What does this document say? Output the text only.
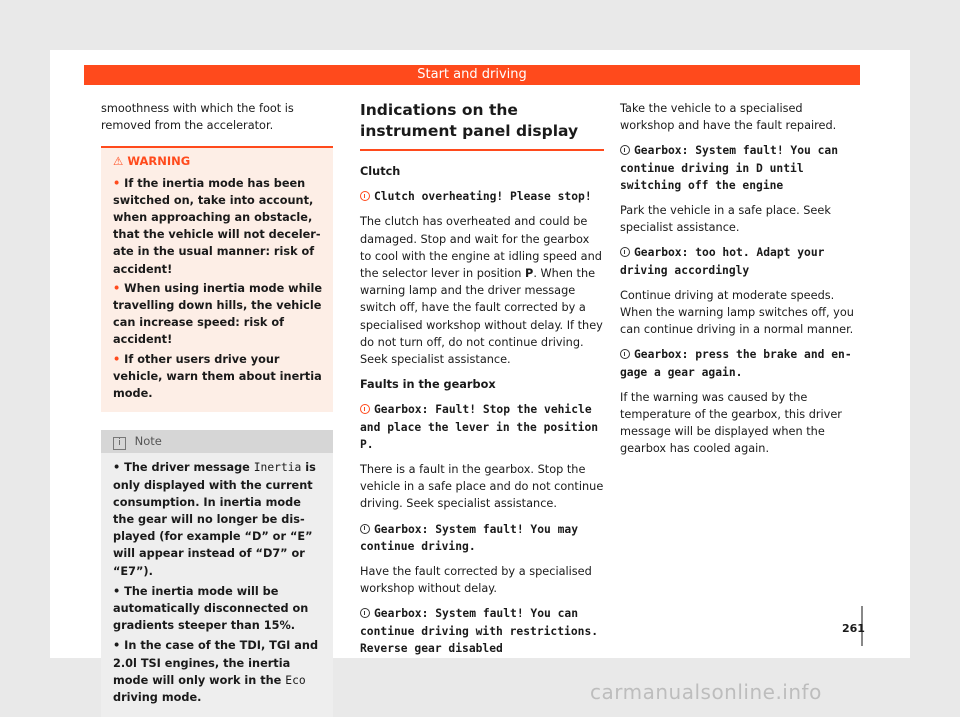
Start and driving

smoothness with which the foot is removed from the accelerator.

⚠ WARNING
• If the inertia mode has been switched on, take into account, when approaching an obstacle, that the vehicle will not decelerate in the usual manner: risk of accident!
• When using inertia mode while travelling down hills, the vehicle can increase speed: risk of accident!
• If other users drive your vehicle, warn them about inertia mode.
i Note
• The driver message Inertia is only displayed with the current consumption. In inertia mode the gear will no longer be displayed (for example “D” or “E” will appear instead of “D7” or “E7”).
• The inertia mode will be automatically disconnected on gradients steeper than 15%.
• In the case of the TDI, TGI and 2.0l TSI engines, the inertia mode will only work in the Eco driving mode.
Indications on the instrument panel display

Clutch

Clutch overheating! Please stop!

The clutch has overheated and could be damaged. Stop and wait for the gearbox to cool with the engine at idling speed and the selector lever in position P. When the warning lamp and the driver message switch off, have the fault corrected by a specialised workshop without delay. If they do not turn off, do not continue driving. Seek specialist assistance.

Faults in the gearbox

Gearbox: Fault! Stop the vehicle and place the lever in the position P.

There is a fault in the gearbox. Stop the vehicle in a safe place and do not continue driving. Seek specialist assistance.

Gearbox: System fault! You may continue driving.

Have the fault corrected by a specialised workshop without delay.

Gearbox: System fault! You can continue driving with restrictions. Reverse gear disabled

Take the vehicle to a specialised workshop and have the fault repaired.

Gearbox: System fault! You can continue driving in D until switching off the engine

Park the vehicle in a safe place. Seek specialist assistance.

Gearbox: too hot. Adapt your driving accordingly

Continue driving at moderate speeds. When the warning lamp switches off, you can continue driving in a normal manner.

Gearbox: press the brake and engage a gear again.

If the warning was caused by the temperature of the gearbox, this driver message will be displayed when the gearbox has cooled again.

261
carmanualsonline.info
